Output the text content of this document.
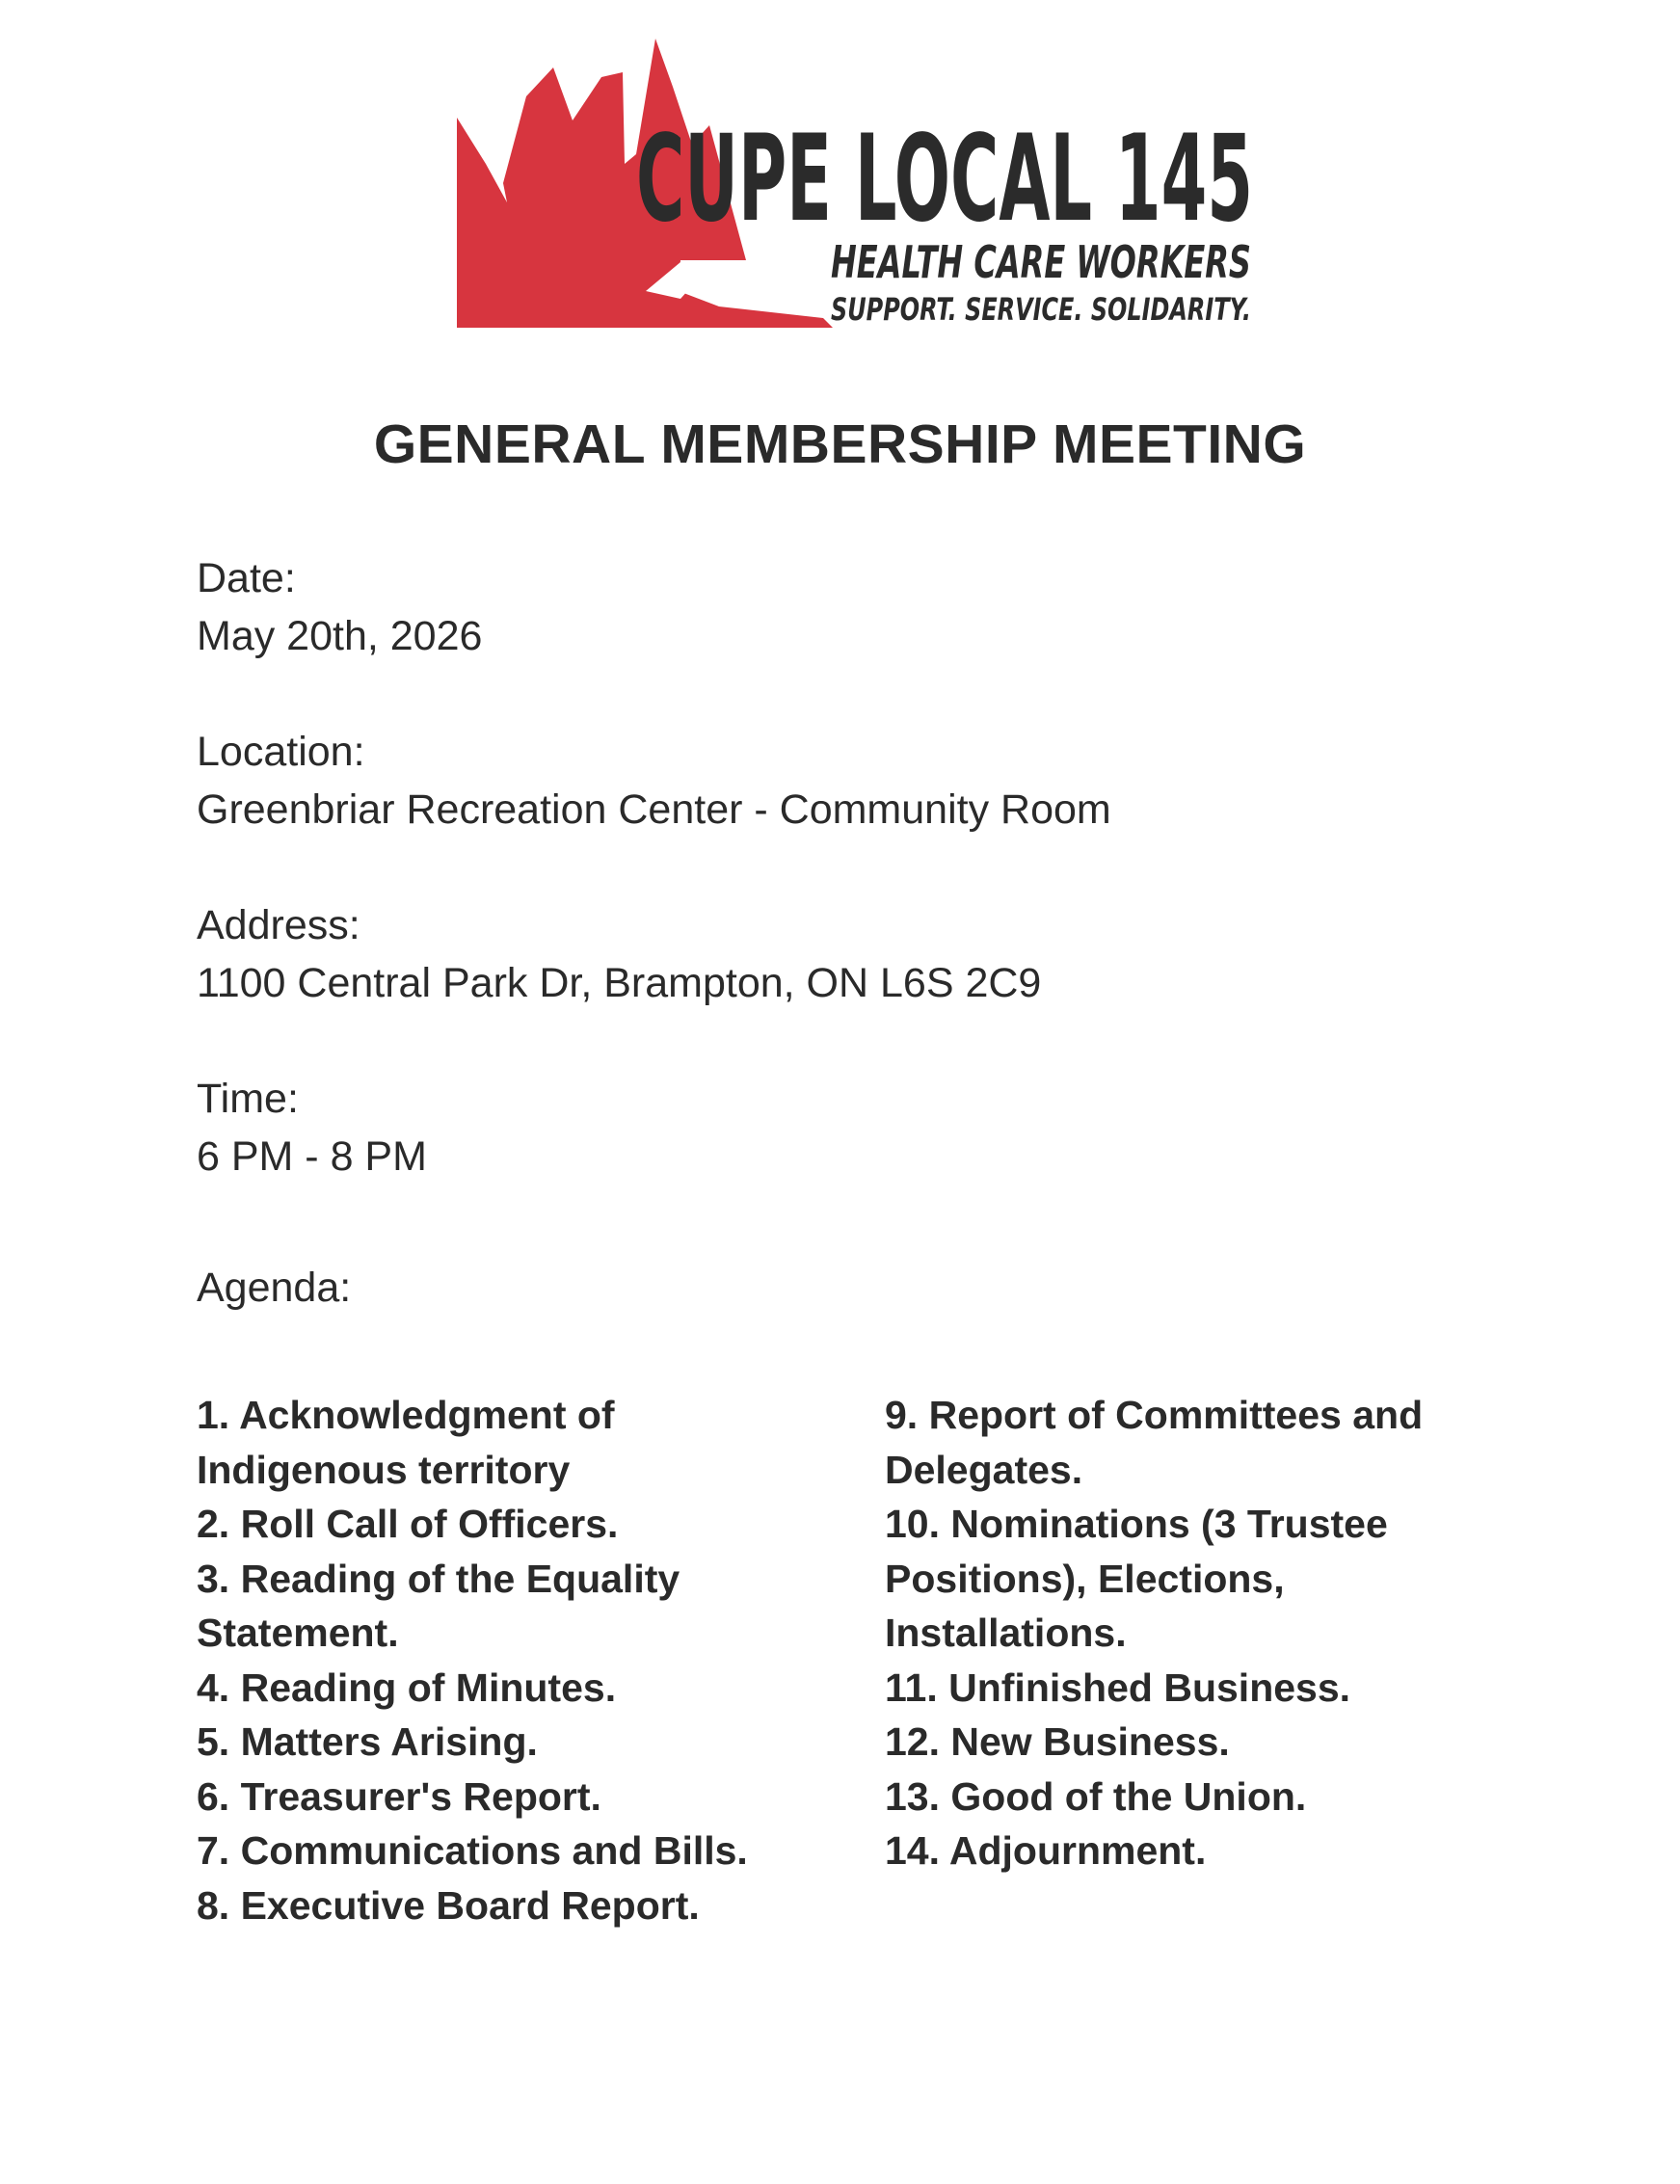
CUPE LOCAL 145
HEALTH CARE WORKERS
SUPPORT. SERVICE. SOLIDARITY.
GENERAL MEMBERSHIP MEETING
Date:
May 20th, 2026
Location:
Greenbriar Recreation Center - Community Room
Address:
1100 Central Park Dr, Brampton, ON L6S 2C9
Time:
6 PM - 8 PM
Agenda:
1. Acknowledgment of Indigenous territory
2. Roll Call of Officers.
3. Reading of the Equality Statement.
4. Reading of Minutes.
5. Matters Arising.
6. Treasurer's Report.
7. Communications and Bills.
8. Executive Board Report.
9. Report of Committees and Delegates.
10. Nominations (3 Trustee Positions), Elections, Installations.
11. Unfinished Business.
12. New Business.
13. Good of the Union.
14. Adjournment.
